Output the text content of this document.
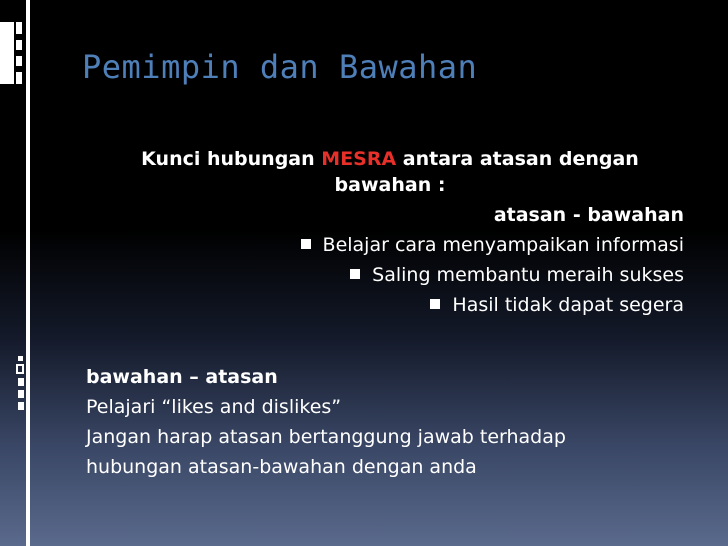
Pemimpin dan Bawahan
Kunci hubungan MESRA antara atasan dengan
bawahan :
atasan - bawahan
Belajar cara menyampaikan informasi
Saling membantu meraih sukses
Hasil tidak dapat segera
bawahan – atasan
Pelajari “likes and dislikes”
Jangan harap atasan bertanggung jawab terhadap
hubungan atasan-bawahan dengan anda
